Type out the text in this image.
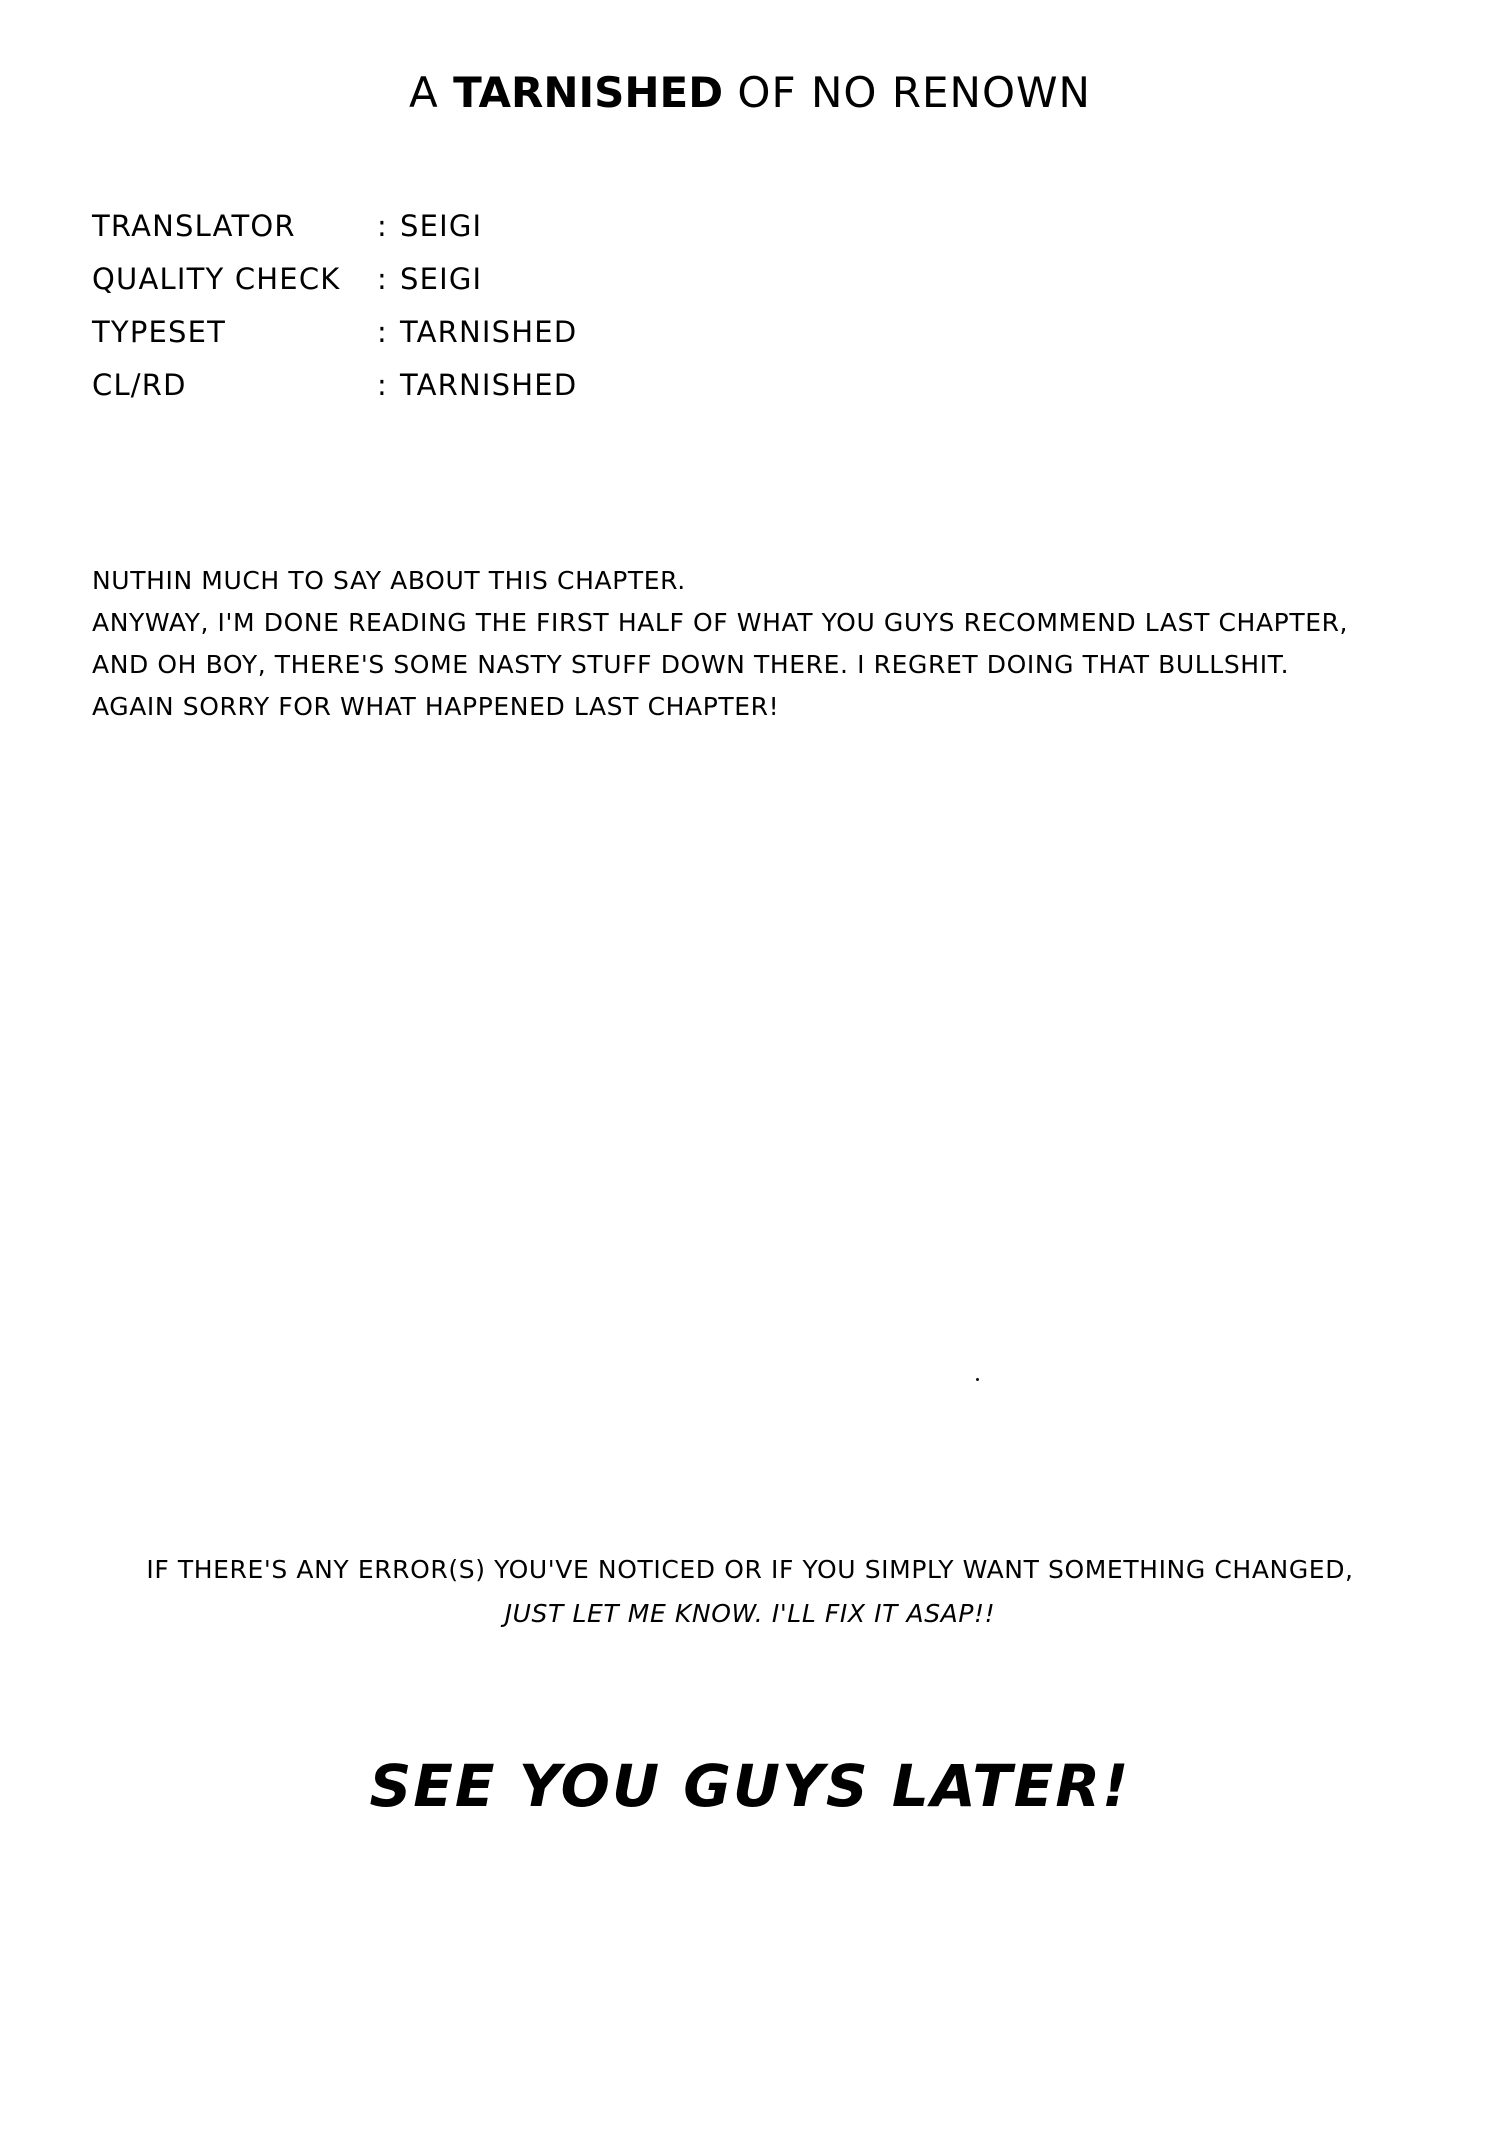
A TARNISHED OF NO RENOWN
TRANSLATOR	: SEIGI
QUALITY CHECK	: SEIGI
TYPESET	: TARNISHED
CL/RD	: TARNISHED
NUTHIN MUCH TO SAY ABOUT THIS CHAPTER.
ANYWAY, I'M DONE READING THE FIRST HALF OF WHAT YOU GUYS RECOMMEND LAST CHAPTER,
AND OH BOY, THERE'S SOME NASTY STUFF DOWN THERE. I REGRET DOING THAT BULLSHIT.
AGAIN SORRY FOR WHAT HAPPENED LAST CHAPTER!
IF THERE'S ANY ERROR(S) YOU'VE NOTICED OR IF YOU SIMPLY WANT SOMETHING CHANGED,
JUST LET ME KNOW. I'LL FIX IT ASAP!!
SEE YOU GUYS LATER!
